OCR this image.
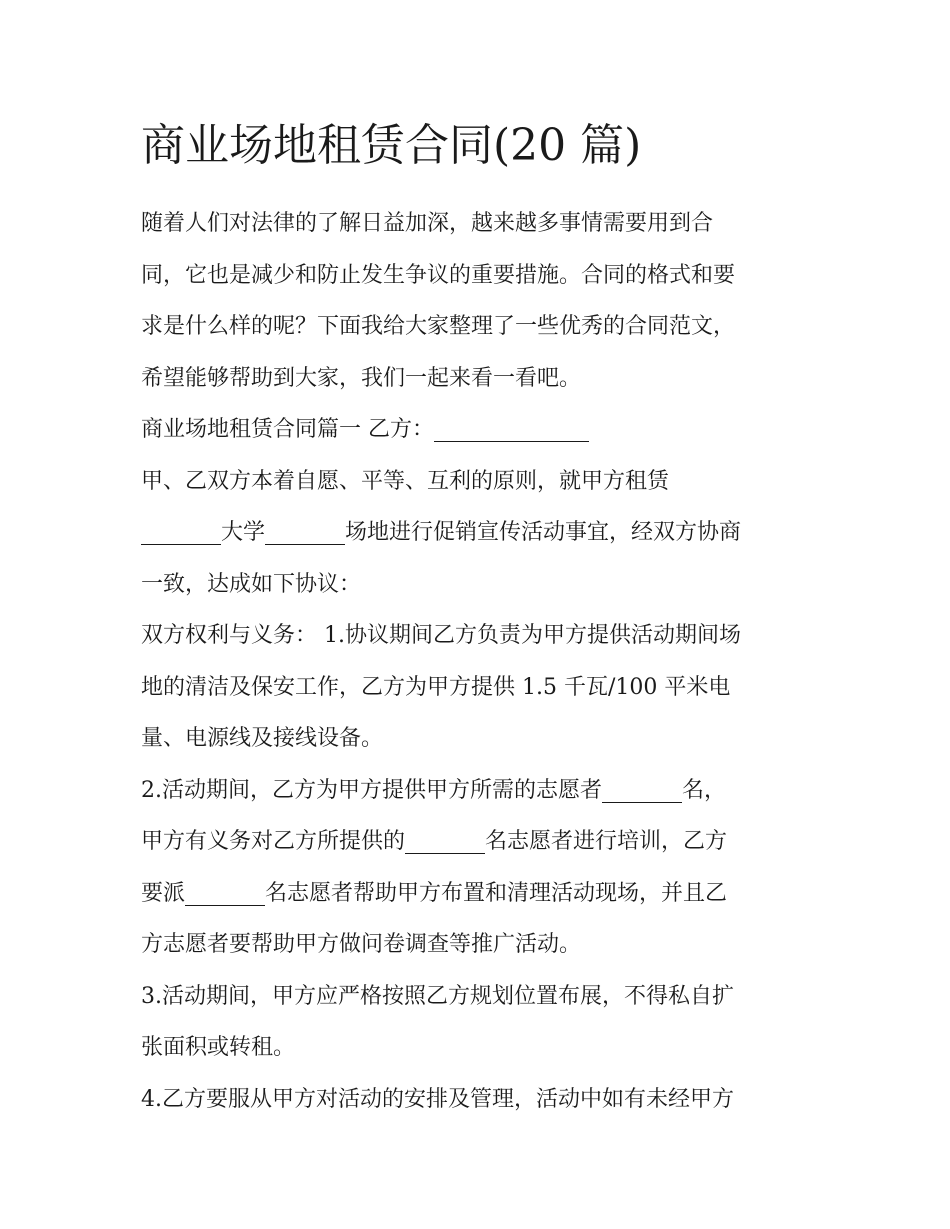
商业场地租赁合同(20 篇)
随着人们对法律的了解日益加深，越来越多事情需要用到合
同，它也是减少和防止发生争议的重要措施。合同的格式和要
求是什么样的呢？下面我给大家整理了一些优秀的合同范文，
希望能够帮助到大家，我们一起来看一看吧。
商业场地租赁合同篇一 乙方：
甲、乙双方本着自愿、平等、互利的原则，就甲方租赁
大学	场地进行促销宣传活动事宜，经双方协商
一致，达成如下协议：
双方权利与义务： 1.协议期间乙方负责为甲方提供活动期间场
地的清洁及保安工作，乙方为甲方提供 1.5 千瓦/100 平米电
量、电源线及接线设备。
2.活动期间，乙方为甲方提供甲方所需的志愿者	名，
甲方有义务对乙方所提供的	名志愿者进行培训，乙方
要派	名志愿者帮助甲方布置和清理活动现场，并且乙
方志愿者要帮助甲方做问卷调查等推广活动。
3.活动期间，甲方应严格按照乙方规划位置布展，不得私自扩
张面积或转租。
4.乙方要服从甲方对活动的安排及管理，活动中如有未经甲方
